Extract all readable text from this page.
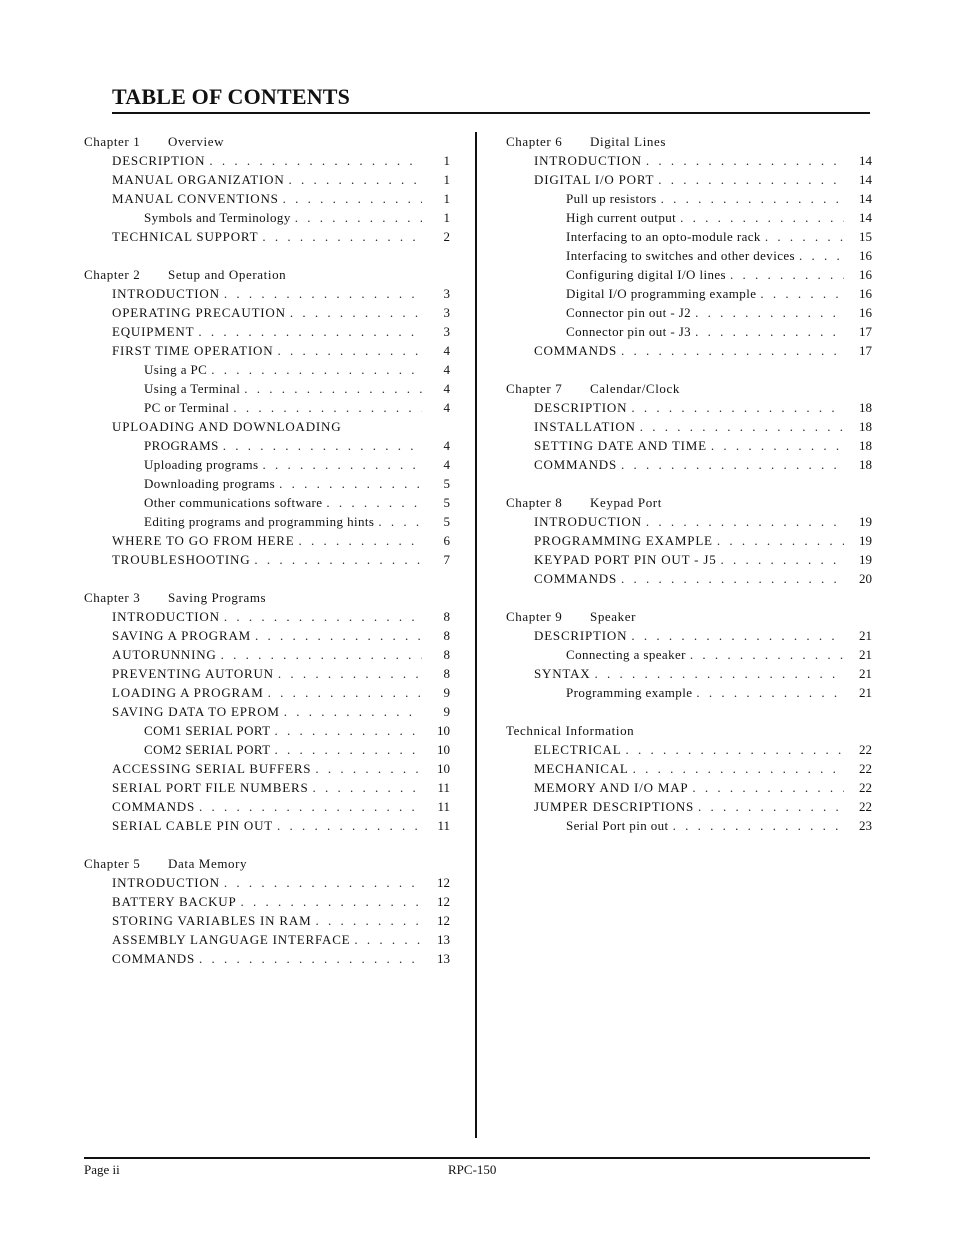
TABLE OF CONTENTS
Chapter 1 Overview
DESCRIPTION . . .	1
MANUAL ORGANIZATION . . .	1
MANUAL CONVENTIONS . . .	1
Symbols and Terminology . . .	1
TECHNICAL SUPPORT . . .	2
Chapter 2 Setup and Operation
INTRODUCTION . . .	3
OPERATING PRECAUTION . . .	3
EQUIPMENT . . .	3
FIRST TIME OPERATION . . .	4
Using a PC . . .	4
Using a Terminal . . .	4
PC or Terminal . . .	4
UPLOADING AND DOWNLOADING
PROGRAMS . . .	4
Uploading programs . . .	4
Downloading programs . . .	5
Other communications software . . .	5
Editing programs and programming hints . . .	5
WHERE TO GO FROM HERE . . .	6
TROUBLESHOOTING . . .	7
Chapter 3 Saving Programs
INTRODUCTION . . .	8
SAVING A PROGRAM . . .	8
AUTORUNNING . . .	8
PREVENTING AUTORUN . . .	8
LOADING A PROGRAM . . .	9
SAVING DATA TO EPROM . . .	9
COM1 SERIAL PORT . . .	10
COM2 SERIAL PORT . . .	10
ACCESSING SERIAL BUFFERS . . .	10
SERIAL PORT FILE NUMBERS . . .	11
COMMANDS . . .	11
SERIAL CABLE PIN OUT . . .	11
Chapter 5 Data Memory
INTRODUCTION . . .	12
BATTERY BACKUP . . .	12
STORING VARIABLES IN RAM . . .	12
ASSEMBLY LANGUAGE INTERFACE . . .	13
COMMANDS . . .	13
Chapter 6 Digital Lines
INTRODUCTION . . .	14
DIGITAL I/O PORT . . .	14
Pull up resistors . . .	14
High current output . . .	14
Interfacing to an opto-module rack . . .	15
Interfacing to switches and other devices . . .	16
Configuring digital I/O lines . . .	16
Digital I/O programming example . . .	16
Connector pin out - J2 . . .	16
Connector pin out - J3 . . .	17
COMMANDS . . .	17
Chapter 7 Calendar/Clock
DESCRIPTION . . .	18
INSTALLATION . . .	18
SETTING DATE AND TIME . . .	18
COMMANDS . . .	18
Chapter 8 Keypad Port
INTRODUCTION . . .	19
PROGRAMMING EXAMPLE . . .	19
KEYPAD PORT PIN OUT - J5 . . .	19
COMMANDS . . .	20
Chapter 9 Speaker
DESCRIPTION . . .	21
Connecting a speaker . . .	21
SYNTAX . . .	21
Programming example . . .	21
Technical Information
ELECTRICAL . . .	22
MECHANICAL . . .	22
MEMORY AND I/O MAP . . .	22
JUMPER DESCRIPTIONS . . .	22
Serial Port pin out . . .	23
Page ii	RPC-150
